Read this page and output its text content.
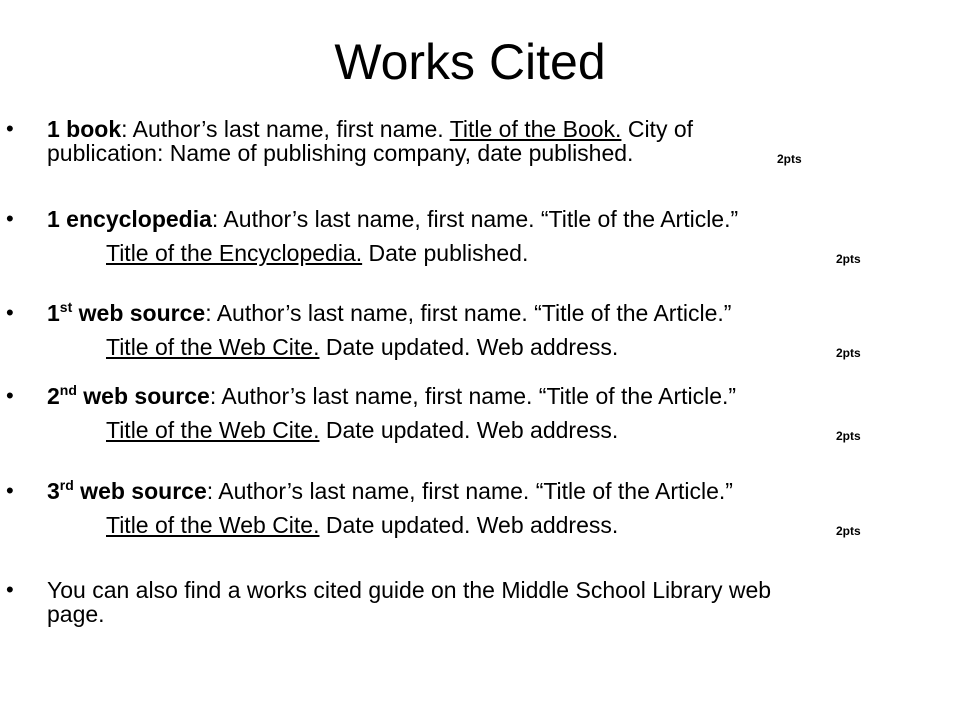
Works Cited
• 1 book: Author’s last name, first name. Title of the Book. City of
publication: Name of publishing company, date published.	2pts
• 1 encyclopedia: Author’s last name, first name. “Title of the Article.”
Title of the Encyclopedia. Date published.	2pts
• 1st web source: Author’s last name, first name. “Title of the Article.”
Title of the Web Cite. Date updated. Web address.	2pts
• 2nd web source: Author’s last name, first name. “Title of the Article.”
Title of the Web Cite. Date updated. Web address.	2pts
• 3rd web source: Author’s last name, first name. “Title of the Article.”
Title of the Web Cite. Date updated. Web address.	2pts
• You can also find a works cited guide on the Middle School Library web
page.
